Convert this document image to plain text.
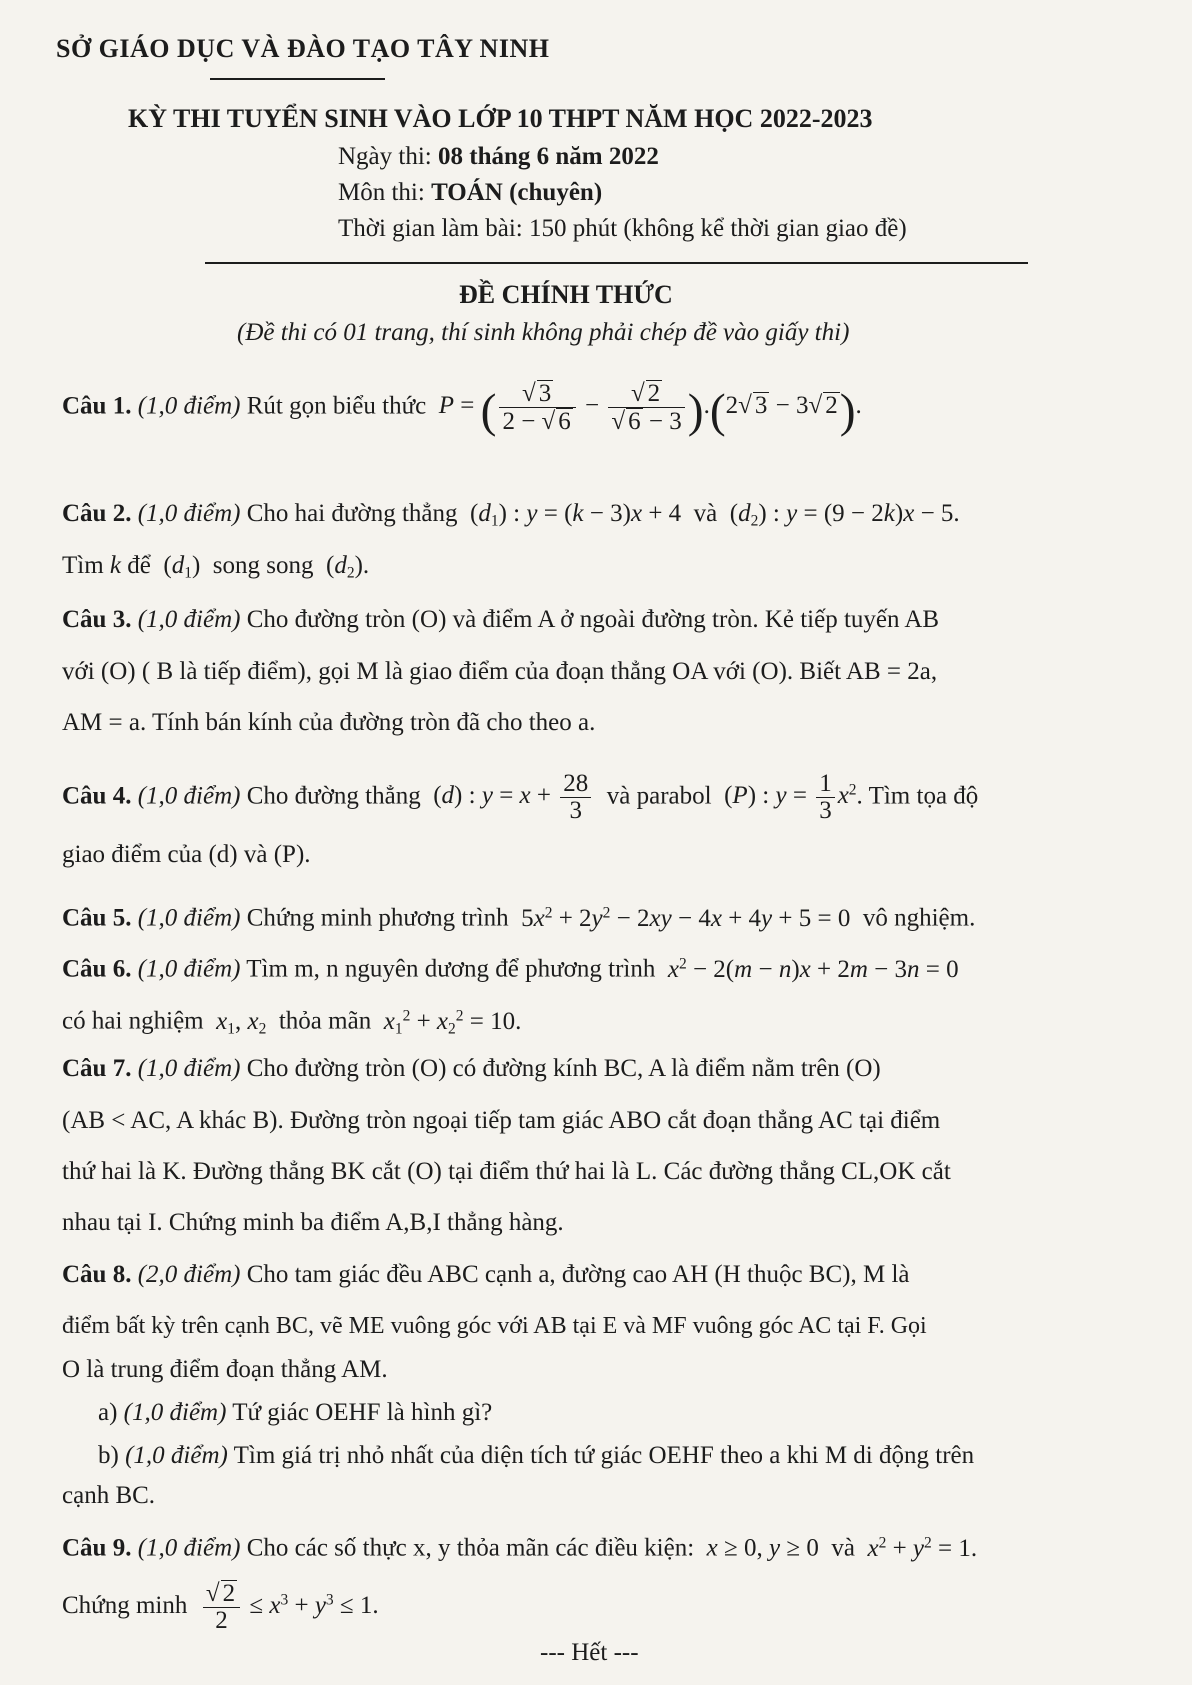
SỞ GIÁO DỤC VÀ ĐÀO TẠO TÂY NINH
KỲ THI TUYỂN SINH VÀO LỚP 10 THPT NĂM HỌC 2022-2023
Ngày thi: 08 tháng 6 năm 2022
Môn thi: TOÁN (chuyên)
Thời gian làm bài: 150 phút (không kể thời gian giao đề)
ĐỀ CHÍNH THỨC
(Đề thi có 01 trang, thí sinh không phải chép đề vào giấy thi)
Câu 1. (1,0 điểm) Rút gọn biểu thức P = ( $\frac{√ 3}{2 - √ 6} - \frac{√ 2}{√ 6 - 3} ).(2√$ 3 − 3√ 2).
Câu 2. (1,0 điểm) Cho hai đường thẳng  $(d_1)$ : y = (k − 3)x + 4  và  $(d_2)$ : y = (9 − 2k)x − 5.
Tìm k để  $(d_1)$  song song  $(d_2)$.
Câu 3. (1,0 điểm) Cho đường tròn (O) và điểm A ở ngoài đường tròn. Kẻ tiếp tuyến AB
với (O) ( B là tiếp điểm), gọi M là giao điểm của đoạn thẳng OA với (O). Biết AB = 2a,
AM = a. Tính bán kính của đường tròn đã cho theo a.
Câu 4. (1,0 điểm) Cho đường thẳng  (d) : $y = x + \frac{28}{3}$ và parabol  (P) : $y = \frac{1}{3} x^2$. Tìm tọa độ
giao điểm của (d) và (P).
Câu 5. (1,0 điểm) Chứng minh phương trình  $5x^2 + 2y^2 - 2xy - 4x + 4y + 5 = 0$  vô nghiệm.
Câu 6. (1,0 điểm) Tìm m, n nguyên dương để phương trình $x^2 - 2(m - n)x + 2m - 3n = 0$
có hai nghiệm $x_1$, $x_2$ thỏa mãn $x_1^2 + x_2^2 = 10$.
Câu 7. (1,0 điểm) Cho đường tròn (O) có đường kính BC, A là điểm nằm trên (O)
(AB < AC, A khác B). Đường tròn ngoại tiếp tam giác ABO cắt đoạn thẳng AC tại điểm
thứ hai là K. Đường thẳng BK cắt (O) tại điểm thứ hai là L. Các đường thẳng CL,OK cắt
nhau tại I. Chứng minh ba điểm A,B,I thẳng hàng.
Câu 8. (2,0 điểm) Cho tam giác đều ABC cạnh a, đường cao AH (H thuộc BC), M là
điểm bất kỳ trên cạnh BC, vẽ ME vuông góc với AB tại E và MF vuông góc AC tại F. Gọi
O là trung điểm đoạn thẳng AM.
a) (1,0 điểm) Tứ giác OEHF là hình gì?
b) (1,0 điểm) Tìm giá trị nhỏ nhất của diện tích tứ giác OEHF theo a khi M di động trên
cạnh BC.
Câu 9. (1,0 điểm) Cho các số thực x, y thỏa mãn các điều kiện: x ≥ 0, y ≥ 0  và $x^2 + y^2 = 1$.
Chứng minh $\frac{√ 2}{2} \le x^3 + y^3 \le 1$.
--- Hết ---
